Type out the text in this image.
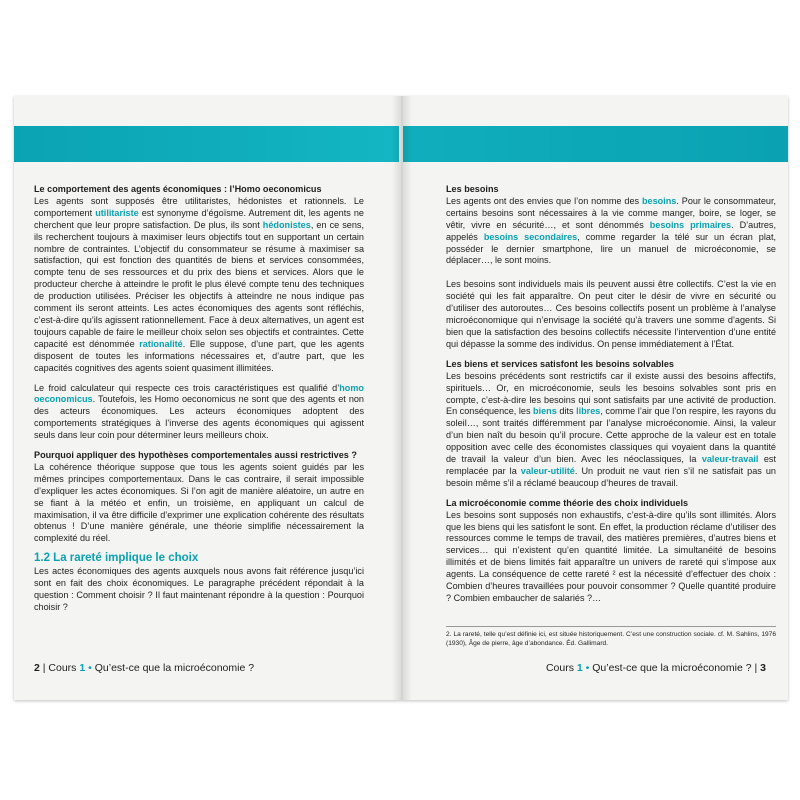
Le comportement des agents économiques : l’Homo oeconomicus

Les agents sont supposés être utilitaristes, hédonistes et rationnels. Le comportement utilitariste est synonyme d’égoïsme. Autrement dit, les agents ne cherchent que leur propre satisfaction. De plus, ils sont hédonistes, en ce sens, ils recherchent toujours à maximiser leurs objectifs tout en supportant un certain nombre de contraintes. L’objectif du consommateur se résume à maximiser sa satisfaction, qui est fonction des quantités de biens et services consommées, compte tenu de ses ressources et du prix des biens et services. Alors que le producteur cherche à atteindre le profit le plus élevé compte tenu des techniques de production utilisées. Préciser les objectifs à atteindre ne nous indique pas comment ils seront atteints. Les actes économiques des agents sont réfléchis, c’est-à-dire qu’ils agissent rationnellement. Face à deux alternatives, un agent est toujours capable de faire le meilleur choix selon ses objectifs et contraintes. Cette capacité est dénommée rationalité. Elle suppose, d’une part, que les agents disposent de toutes les informations nécessaires et, d’autre part, que les capacités cognitives des agents soient quasiment illimitées.

Le froid calculateur qui respecte ces trois caractéristiques est qualifié d’homo oeconomicus. Toutefois, les Homo oeconomicus ne sont que des agents et non des acteurs économiques. Les acteurs économiques adoptent des comportements stratégiques à l’inverse des agents économiques qui agissent seuls dans leur coin pour déterminer leurs meilleurs choix.

Pourquoi appliquer des hypothèses comportementales aussi restrictives ?

La cohérence théorique suppose que tous les agents soient guidés par les mêmes principes comportementaux. Dans le cas contraire, il serait impossible d’expliquer les actes économiques. Si l’on agit de manière aléatoire, un autre en se fiant à la météo et enfin, un troisième, en appliquant un calcul de maximisation, il va être difficile d’exprimer une explication cohérente des résultats obtenus ! D’une manière générale, une théorie simplifie nécessairement la complexité du réel.

1.2 La rareté implique le choix

Les actes économiques des agents auxquels nous avons fait référence jusqu’ici sont en fait des choix économiques. Le paragraphe précédent répondait à la question : Comment choisir ? Il faut maintenant répondre à la question : Pourquoi choisir ?

Les besoins

Les agents ont des envies que l’on nomme des besoins. Pour le consommateur, certains besoins sont nécessaires à la vie comme manger, boire, se loger, se vêtir, vivre en sécurité…, et sont dénommés besoins primaires. D’autres, appelés besoins secondaires, comme regarder la télé sur un écran plat, posséder le dernier smartphone, lire un manuel de microéconomie, se déplacer…, le sont moins.

Les besoins sont individuels mais ils peuvent aussi être collectifs. C’est la vie en société qui les fait apparaître. On peut citer le désir de vivre en sécurité ou d’utiliser des autoroutes… Ces besoins collectifs posent un problème à l’analyse microéconomique qui n’envisage la société qu’à travers une somme d’agents. Si bien que la satisfaction des besoins collectifs nécessite l’intervention d’une entité qui dépasse la somme des individus. On pense immédiatement à l’État.

Les biens et services satisfont les besoins solvables

Les besoins précédents sont restrictifs car il existe aussi des besoins affectifs, spirituels… Or, en microéconomie, seuls les besoins solvables sont pris en compte, c’est-à-dire les besoins qui sont satisfaits par une activité de production. En conséquence, les biens dits libres, comme l’air que l’on respire, les rayons du soleil…, sont traités différemment par l’analyse microéconomie. Ainsi, la valeur d’un bien naît du besoin qu’il procure. Cette approche de la valeur est en totale opposition avec celle des économistes classiques qui voyaient dans la quantité de travail la valeur d’un bien. Avec les néoclassiques, la valeur-travail est remplacée par la valeur-utilité. Un produit ne vaut rien s’il ne satisfait pas un besoin même s’il a réclamé beaucoup d’heures de travail.

La microéconomie comme théorie des choix individuels

Les besoins sont supposés non exhaustifs, c’est-à-dire qu’ils sont illimités. Alors que les biens qui les satisfont le sont. En effet, la production réclame d’utiliser des ressources comme le temps de travail, des matières premières, d’autres biens et services… qui n’existent qu’en quantité limitée. La simultanéité de besoins illimités et de biens limités fait apparaître un univers de rareté qui s’impose aux agents. La conséquence de cette rareté ² est la nécessité d’effectuer des choix : Combien d’heures travaillées pour pouvoir consommer ? Quelle quantité produire ? Combien embaucher de salariés ?…

2. La rareté, telle qu’est définie ici, est située historiquement. C’est une construction sociale. cf. M. Sahlins, 1976 (1930), Âge de pierre, âge d’abondance. Éd. Gallimard.
2 | Cours 1 • Qu’est-ce que la microéconomie ?	Cours 1 • Qu’est-ce que la microéconomie ? | 3
